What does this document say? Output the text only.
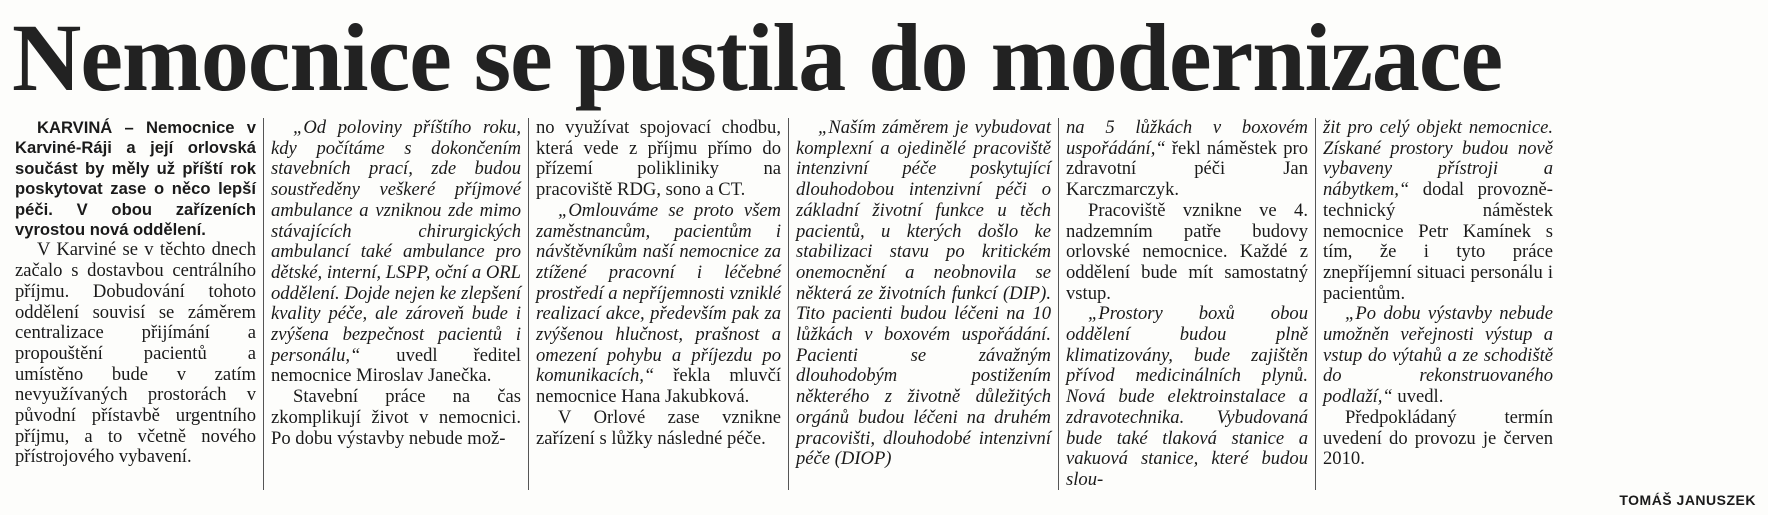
Nemocnice se pustila do modernizace

KARVINÁ – Nemocnice v Karviné-Ráji a její orlovská součást by měly už příští rok poskytovat zase o něco lepší péči. V obou zařízeních vyrostou nová oddělení.

V Karviné se v těchto dnech začalo s dostavbou centrálního příjmu. Dobudování tohoto oddělení souvisí se záměrem centralizace přijímání a propouštění pacientů a umístěno bude v zatím nevyužívaných prostorách v původní přístavbě urgentního příjmu, a to včetně nového přístrojového vybavení.

„Od poloviny příštího roku, kdy počítáme s dokončením stavebních prací, zde budou soustředěny veškeré příjmové ambulance a vzniknou zde mimo stávajících chirurgických ambulancí také ambulance pro dětské, interní, LSPP, oční a ORL oddělení. Dojde nejen ke zlepšení kvality péče, ale zároveň bude i zvýšena bezpečnost pacientů i personálu,“ uvedl ředitel nemocnice Miroslav Janečka.

Stavební práce na čas zkomplikují život v nemocnici. Po dobu výstavby nebude mož-

no využívat spojovací chodbu, která vede z příjmu přímo do přízemí polikliniky na pracoviště RDG, sono a CT.

„Omlouváme se proto všem zaměstnancům, pacientům i návštěvníkům naší nemocnice za ztížené pracovní i léčebné prostředí a nepříjemnosti vzniklé realizací akce, především pak za zvýšenou hlučnost, prašnost a omezení pohybu a příjezdu po komunikacích,“ řekla mluvčí nemocnice Hana Jakubková.

V Orlové zase vznikne zařízení s lůžky následné péče.

„Naším záměrem je vybudovat komplexní a ojedinělé pracoviště intenzivní péče poskytující dlouhodobou intenzivní péči o základní životní funkce u těch pacientů, u kterých došlo ke stabilizaci stavu po kritickém onemocnění a neobnovila se některá ze životních funkcí (DIP). Tito pacienti budou léčeni na 10 lůžkách v boxovém uspořádání. Pacienti se závažným dlouhodobým postižením některého z životně důležitých orgánů budou léčeni na druhém pracovišti, dlouhodobé intenzivní péče (DIOP)

na 5 lůžkách v boxovém uspořádání,“ řekl náměstek pro zdravotní péči Jan Karczmarczyk.

Pracoviště vznikne ve 4. nadzemním patře budovy orlovské nemocnice. Každé z oddělení bude mít samostatný vstup.

„Prostory boxů obou oddělení budou plně klimatizovány, bude zajištěn přívod medicinálních plynů. Nová bude elektroinstalace a zdravotechnika. Vybudovaná bude také tlaková stanice a vakuová stanice, které budou slou-

žit pro celý objekt nemocnice. Získané prostory budou nově vybaveny přístroji a nábytkem,“ dodal provozně-technický náměstek nemocnice Petr Kamínek s tím, že i tyto práce znepříjemní situaci personálu i pacientům.

„Po dobu výstavby nebude umožněn veřejnosti výstup a vstup do výtahů a ze schodiště do rekonstruovaného podlaží,“ uvedl.

Předpokládaný termín uvedení do provozu je červen 2010.

TOMÁŠ JANUSZEK
